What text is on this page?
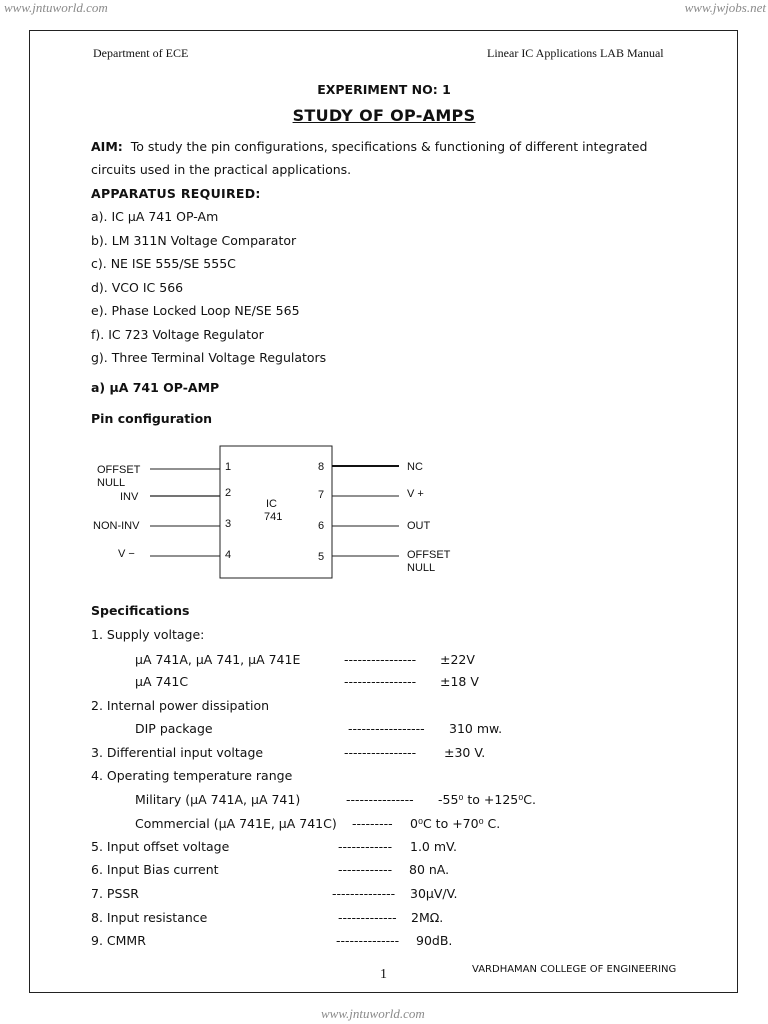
www.jntuworld.com	www.jwjobs.net
www.jntuworld.com
Department of ECE	Linear IC Applications LAB Manual
EXPERIMENT NO: 1
STUDY OF OP-AMPS
AIM: To study the pin configurations, specifications & functioning of different integrated
circuits used in the practical applications.
APPARATUS REQUIRED:
a). IC µA 741 OP-Am
b). LM 311N Voltage Comparator
c). NE ISE 555/SE 555C
d). VCO IC 566
e). Phase Locked Loop NE/SE 565
f). IC 723 Voltage Regulator
g). Three Terminal Voltage Regulators
a) µA 741 OP-AMP
Pin configuration
1
2
3
4
8
7
6
5
IC
741
OFFSET
NULL
INV
NON-INV
V −
NC
V +
OUT
OFFSET
NULL
Specifications
1. Supply voltage:
µA 741A, µA 741, µA 741E	---------------- ±22V
µA 741C	---------------- ±18 V
2. Internal power dissipation
DIP package	----------------- 310 mw.
3. Differential input voltage	---------------- ±30 V.
4. Operating temperature range
Military (µA 741A, µA 741)	--------------- -55⁰ to +125⁰C.
Commercial (µA 741E, µA 741C) --------- 0⁰C to +70⁰ C.
5. Input offset voltage	------------ 1.0 mV.
6. Input Bias current	------------ 80 nA.
7. PSSR	-------------- 30µV/V.
8. Input resistance	------------- 2MΩ.
9. CMMR	-------------- 90dB.
1	VARDHAMAN COLLEGE OF ENGINEERING
